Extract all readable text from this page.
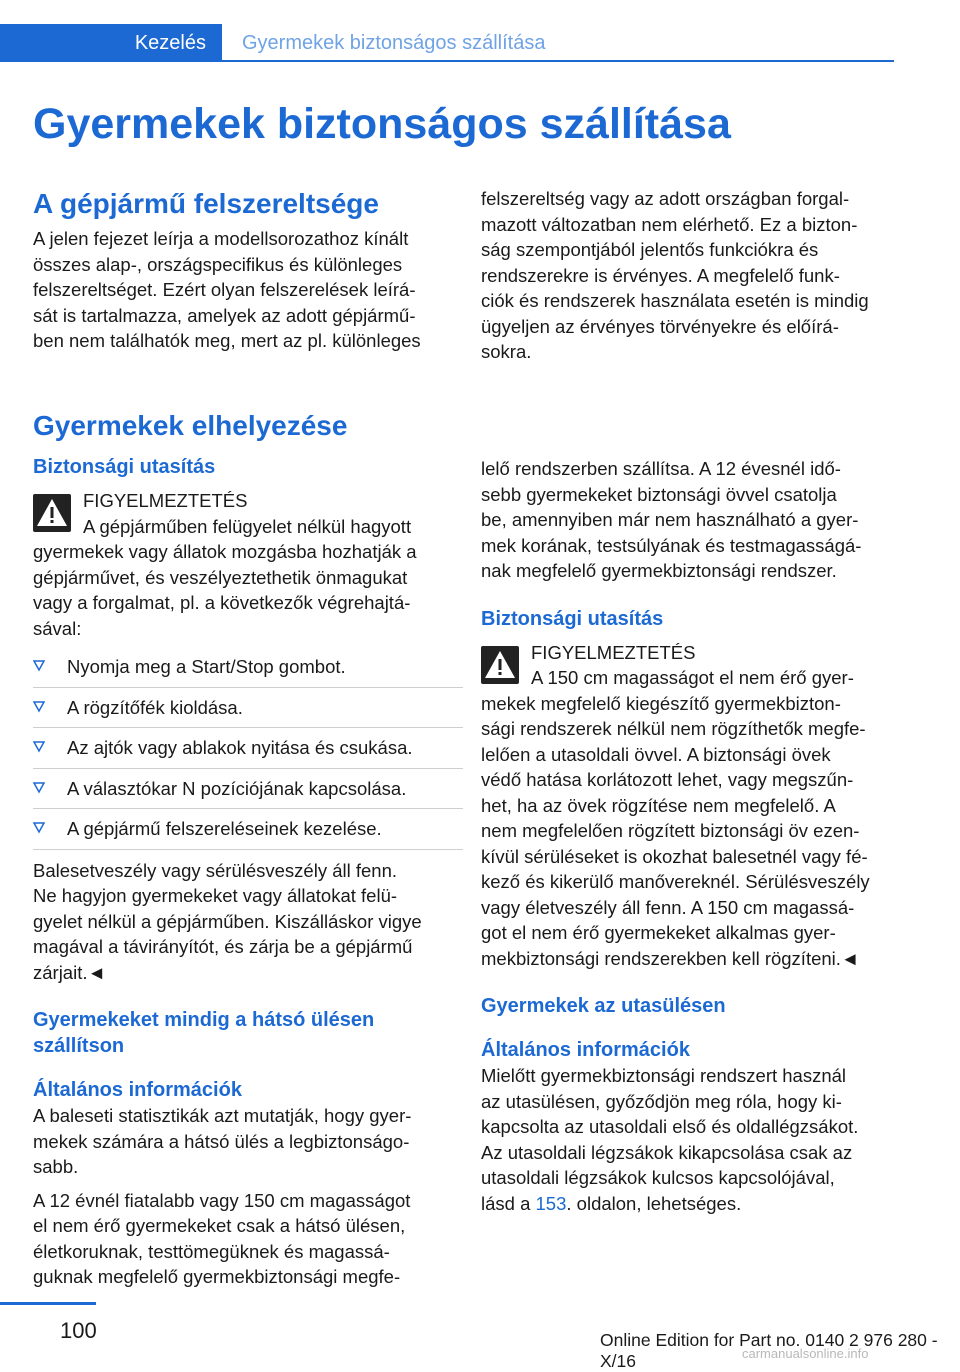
Kezelés	Gyermekek biztonságos szállítása
Gyermekek biztonságos szállítása
A gépjármű felszereltsége

A jelen fejezet leírja a modellsorozathoz kínált
összes alap-, országspecifikus és különleges
felszereltséget. Ezért olyan felszerelések leírá-
sát is tartalmazza, amelyek az adott gépjármű-
ben nem találhatók meg, mert az pl. különleges

felszereltség vagy az adott országban forgal-
mazott változatban nem elérhető. Ez a bizton-
ság szempontjából jelentős funkciókra és
rendszerekre is érvényes. A megfelelő funk-
ciók és rendszerek használata esetén is mindig
ügyeljen az érvényes törvényekre és előírá-
sokra.

Gyermekek elhelyezése
Biztonsági utasítás

FIGYELMEZTETÉS

A gépjárműben felügyelet nélkül hagyott
gyermekek vagy állatok mozgásba hozhatják a
gépjárművet, és veszélyeztethetik önmagukat
vagy a forgalmat, pl. a következők végrehajtá-
sával:

Nyomja meg a Start/Stop gombot.
A rögzítőfék kioldása.
Az ajtók vagy ablakok nyitása és csukása.
A választókar N pozíciójának kapcsolása.
A gépjármű felszereléseinek kezelése.

Balesetveszély vagy sérülésveszély áll fenn.
Ne hagyjon gyermekeket vagy állatokat felü-
gyelet nélkül a gépjárműben. Kiszálláskor vigye
magával a távirányítót, és zárja be a gépjármű
zárjait.◄

Gyermekeket mindig a hátsó ülésen
szállítson
Általános információk

A baleseti statisztikák azt mutatják, hogy gyer-
mekek számára a hátsó ülés a legbiztonságo-
sabb.

A 12 évnél fiatalabb vagy 150 cm magasságot
el nem érő gyermekeket csak a hátsó ülésen,
életkoruknak, testtömegüknek és magassá-
guknak megfelelő gyermekbiztonsági megfe-

lelő rendszerben szállítsa. A 12 évesnél idő-
sebb gyermekeket biztonsági övvel csatolja
be, amennyiben már nem használható a gyer-
mek korának, testsúlyának és testmagasságá-
nak megfelelő gyermekbiztonsági rendszer.

Biztonsági utasítás

FIGYELMEZTETÉS

A 150 cm magasságot el nem érő gyer-
mekek megfelelő kiegészítő gyermekbizton-
sági rendszerek nélkül nem rögzíthetők megfe-
lelően a utasoldali övvel. A biztonsági övek
védő hatása korlátozott lehet, vagy megszűn-
het, ha az övek rögzítése nem megfelelő. A
nem megfelelően rögzített biztonsági öv ezen-
kívül sérüléseket is okozhat balesetnél vagy fé-
kező és kikerülő manővereknél. Sérülésveszély
vagy életveszély áll fenn. A 150 cm magassá-
got el nem érő gyermekeket alkalmas gyer-
mekbiztonsági rendszerekben kell rögzíteni.◄

Gyermekek az utasülésen
Általános információk

Mielőtt gyermekbiztonsági rendszert használ
az utasülésen, győződjön meg róla, hogy ki-
kapcsolta az utasoldali első és oldallégzsákot.
Az utasoldali légzsákok kikapcsolása csak az
utasoldali légzsákok kulcsos kapcsolójával,
lásd a 153. oldalon, lehetséges.

100	Online Edition for Part no. 0140 2 976 280 - X/16	carmanualsonline.info
